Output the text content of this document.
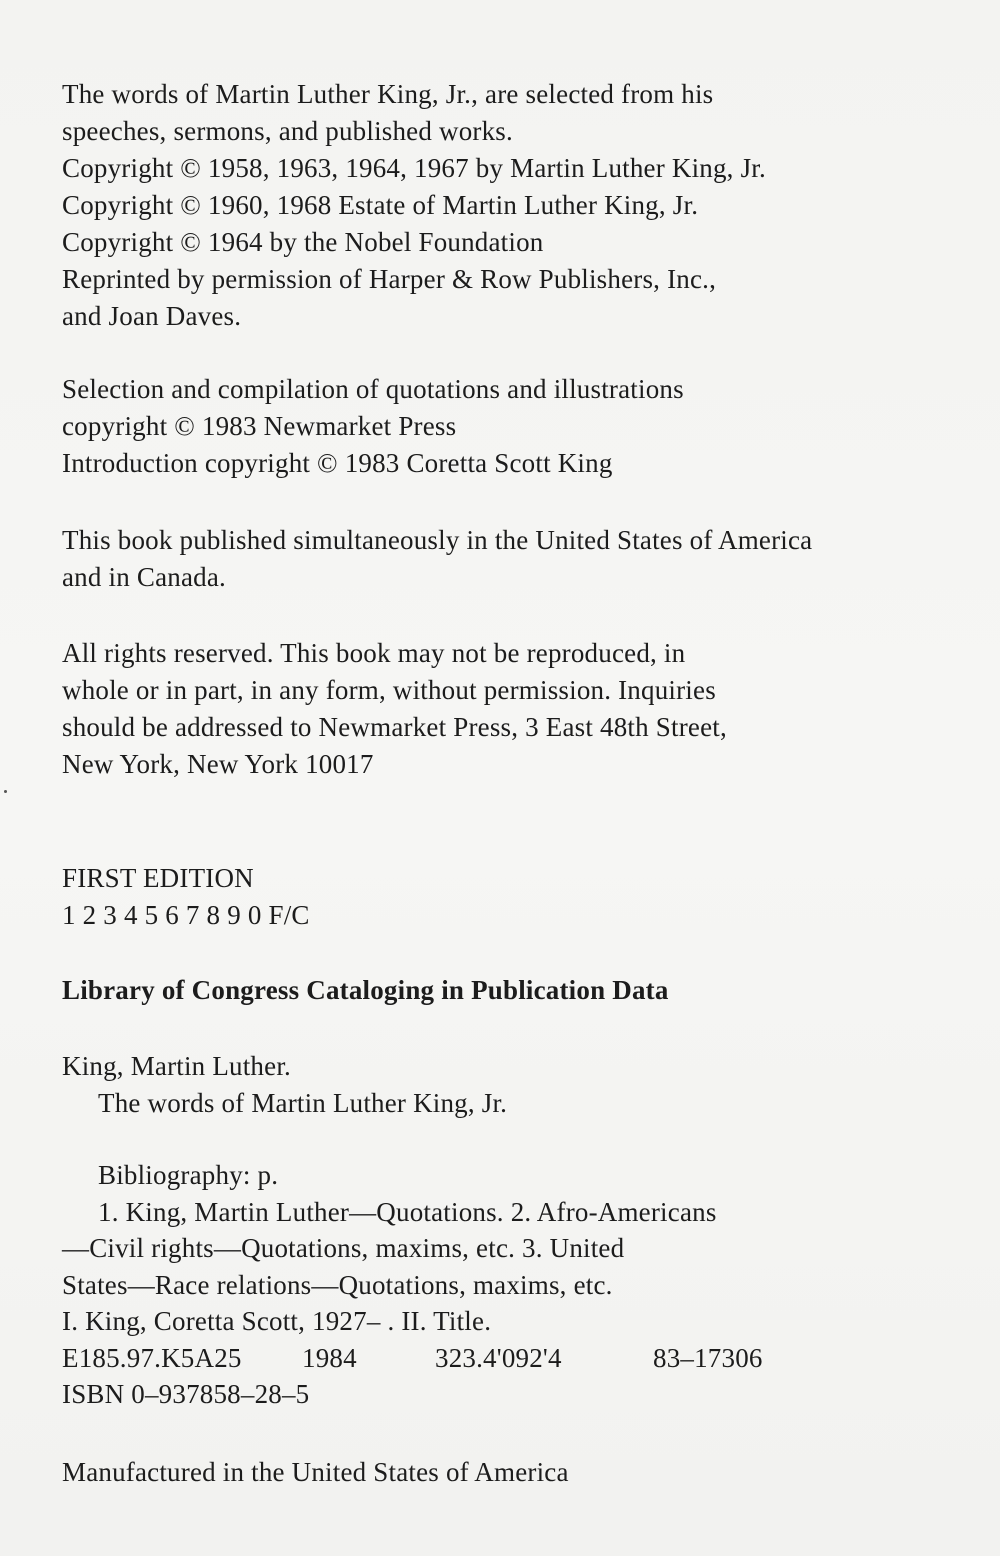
The words of Martin Luther King, Jr., are selected from his
speeches, sermons, and published works.
Copyright © 1958, 1963, 1964, 1967 by Martin Luther King, Jr.
Copyright © 1960, 1968 Estate of Martin Luther King, Jr.
Copyright © 1964 by the Nobel Foundation
Reprinted by permission of Harper & Row Publishers, Inc.,
and Joan Daves.
Selection and compilation of quotations and illustrations
copyright © 1983 Newmarket Press
Introduction copyright © 1983 Coretta Scott King
This book published simultaneously in the United States of America
and in Canada.
All rights reserved. This book may not be reproduced, in
whole or in part, in any form, without permission. Inquiries
should be addressed to Newmarket Press, 3 East 48th Street,
New York, New York 10017
FIRST EDITION
1 2 3 4 5 6 7 8 9 0 F/C
Library of Congress Cataloging in Publication Data
King, Martin Luther.
The words of Martin Luther King, Jr.
Bibliography: p.
1. King, Martin Luther—Quotations. 2. Afro-Americans
—Civil rights—Quotations, maxims, etc. 3. United
States—Race relations—Quotations, maxims, etc.
I. King, Coretta Scott, 1927– . II. Title.
E185.97.K5A25	1984	323.4'092'4	83–17306
ISBN 0–937858–28–5
Manufactured in the United States of America
